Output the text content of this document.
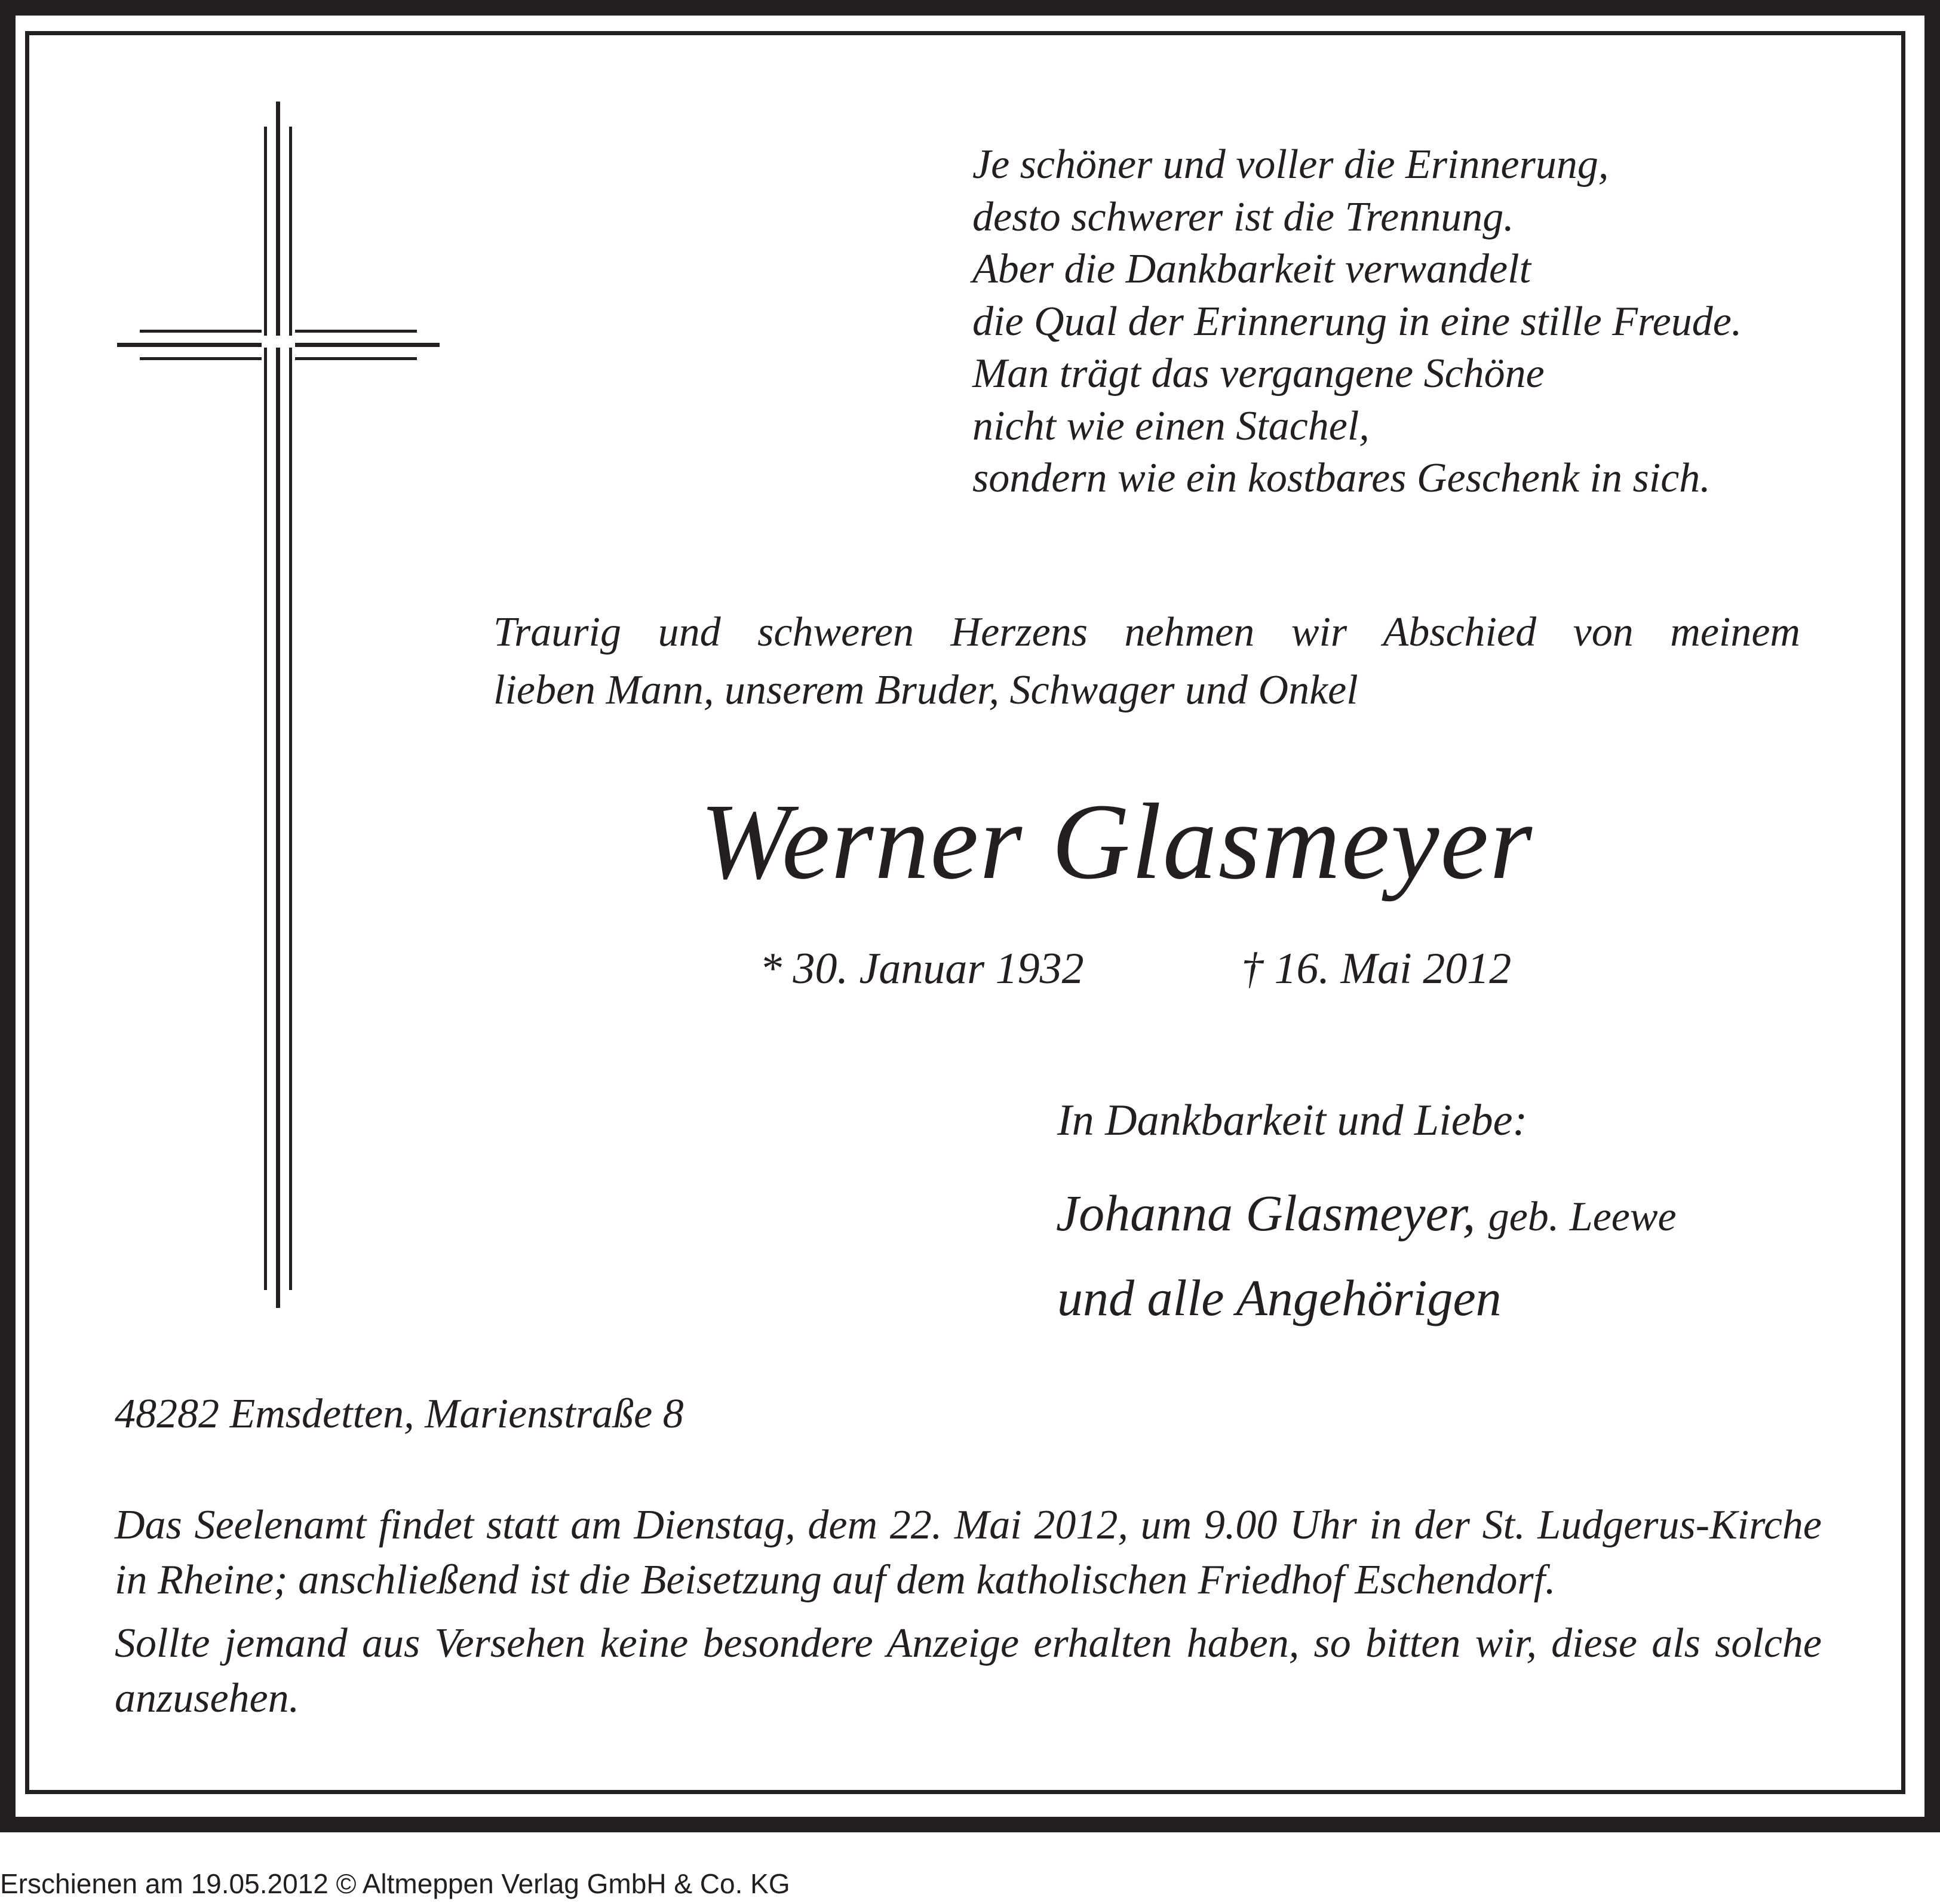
Je schöner und voller die Erinnerung,
desto schwerer ist die Trennung.
Aber die Dankbarkeit verwandelt
die Qual der Erinnerung in eine stille Freude.
Man trägt das vergangene Schöne
nicht wie einen Stachel,
sondern wie ein kostbares Geschenk in sich.
Traurig und schweren Herzens nehmen wir Abschied von meinem
lieben Mann, unserem Bruder, Schwager und Onkel
Werner Glasmeyer
* 30. Januar 1932	† 16. Mai 2012
In Dankbarkeit und Liebe:
Johanna Glasmeyer, geb. Leewe
und alle Angehörigen
48282 Emsdetten, Marienstraße 8
Das Seelenamt findet statt am Dienstag, dem 22. Mai 2012, um 9.00 Uhr in der St. Ludgerus-Kirche in Rheine; anschließend ist die Beisetzung auf dem katholischen Friedhof Eschendorf.
Sollte jemand aus Versehen keine besondere Anzeige erhalten haben, so bitten wir, diese als solche anzusehen.
Erschienen am 19.05.2012 © Altmeppen Verlag GmbH & Co. KG
